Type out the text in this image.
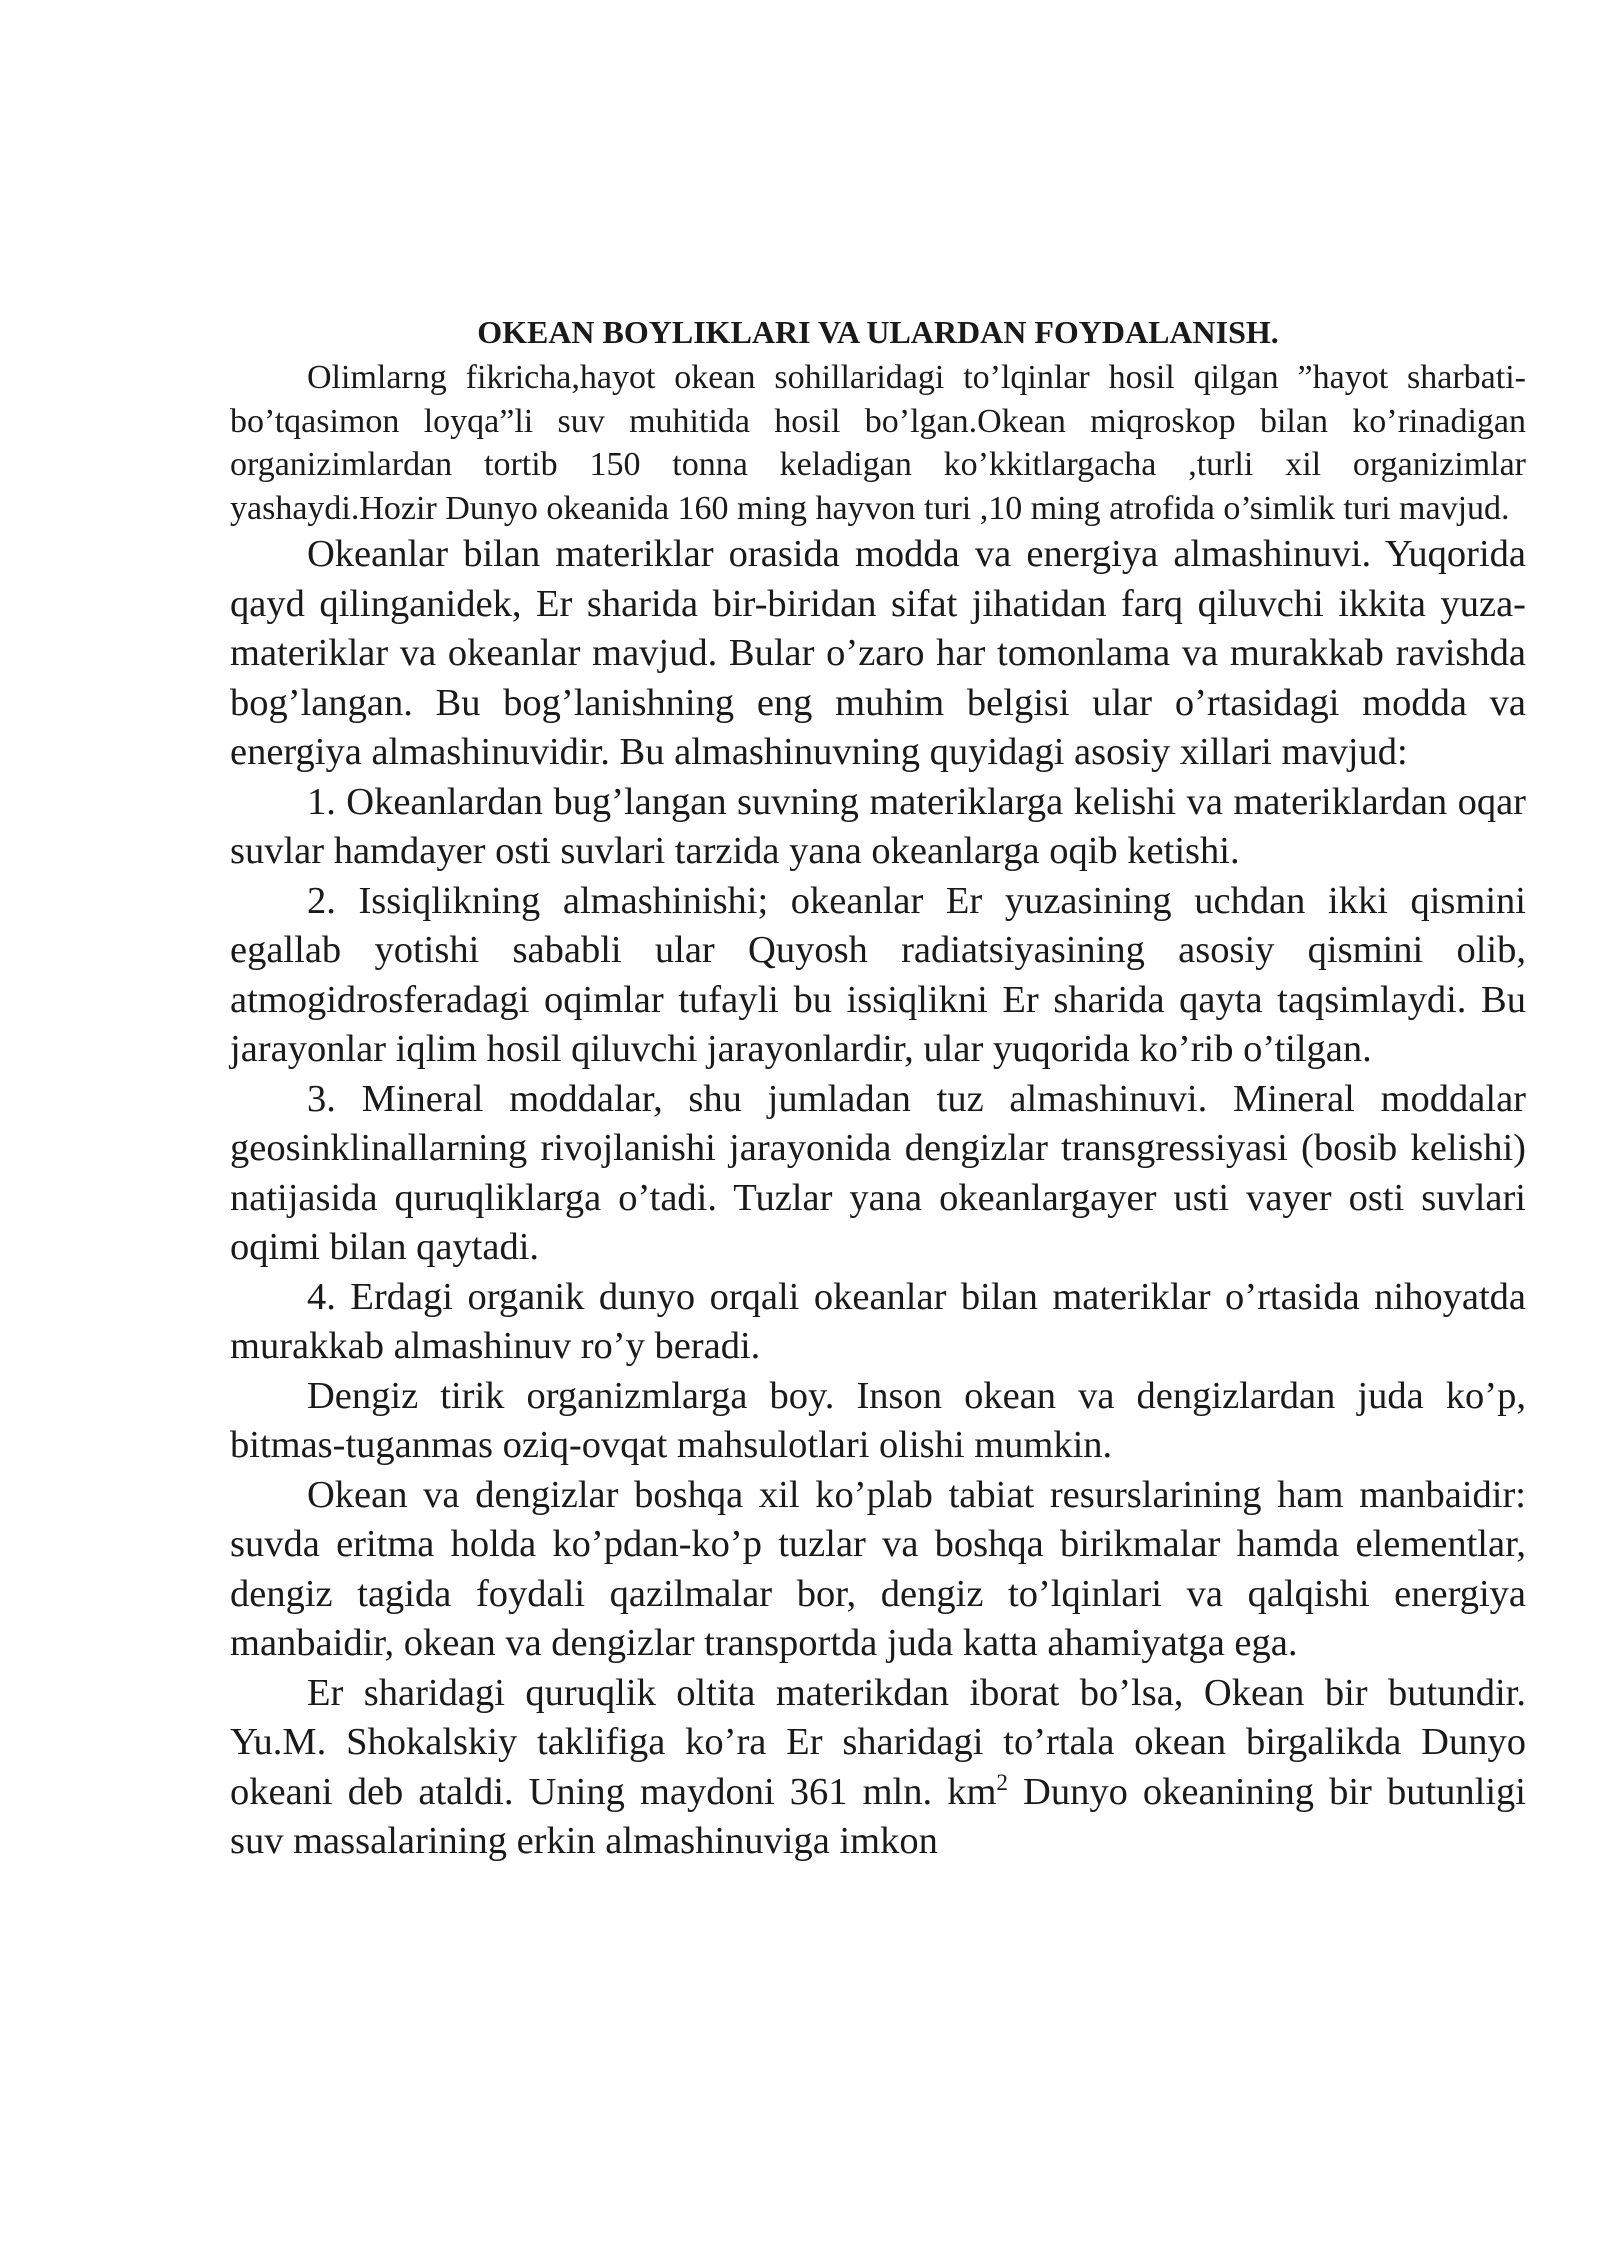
OKEAN BOYLIKLARI VA ULARDAN FOYDALANISH.

Olimlarng fikricha,hayot okean sohillaridagi to’lqinlar hosil qilgan ”hayot sharbati-bo’tqasimon loyqa”li suv muhitida hosil bo’lgan.Okean miqroskop bilan ko’rinadigan organizimlardan tortib 150 tonna keladigan ko’kkitlargacha ,turli xil organizimlar yashaydi.Hozir Dunyo okeanida 160 ming hayvon turi ,10 ming atrofida o’simlik turi mavjud.

Okeanlar bilan materiklar orasida modda va energiya almashinuvi. Yuqorida qayd qilinganidek, Er sharida bir-biridan sifat jihatidan farq qiluvchi ikkita yuza-materiklar va okeanlar mavjud. Bular o’zaro har tomonlama va murakkab ravishda bog’langan. Bu bog’lanishning eng muhim belgisi ular o’rtasidagi modda va energiya almashinuvidir. Bu almashinuvning quyidagi asosiy xillari mavjud:

1. Okeanlardan bug’langan suvning materiklarga kelishi va materiklardan oqar suvlar hamdayer osti suvlari tarzida yana okeanlarga oqib ketishi.

2. Issiqlikning almashinishi; okeanlar Er yuzasining uchdan ikki qismini egallab yotishi sababli ular Quyosh radiatsiyasining asosiy qismini olib, atmogidrosferadagi oqimlar tufayli bu issiqlikni Er sharida qayta taqsimlaydi. Bu jarayonlar iqlim hosil qiluvchi jarayonlardir, ular yuqorida ko’rib o’tilgan.

3. Mineral moddalar, shu jumladan tuz almashinuvi. Mineral moddalar geosinklinallarning rivojlanishi jarayonida dengizlar transgressiyasi (bosib kelishi) natijasida quruqliklarga o’tadi. Tuzlar yana okeanlargayer usti vayer osti suvlari oqimi bilan qaytadi.

4. Erdagi organik dunyo orqali okeanlar bilan materiklar o’rtasida nihoyatda murakkab almashinuv ro’y beradi.

Dengiz tirik organizmlarga boy. Inson okean va dengizlardan juda ko’p, bitmas-tuganmas oziq-ovqat mahsulotlari olishi mumkin.

Okean va dengizlar boshqa xil ko’plab tabiat resurslarining ham manbaidir: suvda eritma holda ko’pdan-ko’p tuzlar va boshqa birikmalar hamda elementlar, dengiz tagida foydali qazilmalar bor, dengiz to’lqinlari va qalqishi energiya manbaidir, okean va dengizlar transportda juda katta ahamiyatga ega.

Er sharidagi quruqlik oltita materikdan iborat bo’lsa, Okean bir butundir. Yu.M. Shokalskiy taklifiga ko’ra Er sharidagi to’rtala okean birgalikda Dunyo okeani deb ataldi. Uning maydoni 361 mln. $km^2$ Dunyo okeanining bir butunligi suv massalarining erkin almashinuviga imkon
